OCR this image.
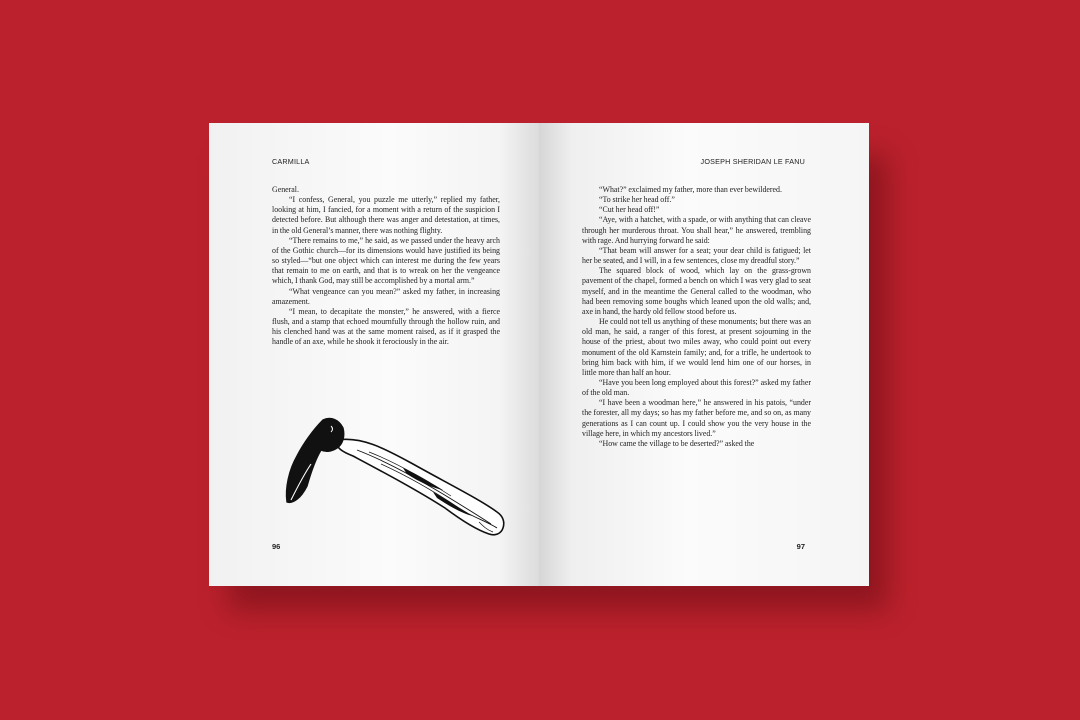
CARMILLA

General.

“I confess, General, you puzzle me utterly,” replied my father, looking at him, I fancied, for a moment with a return of the suspicion I detected before. But although there was anger and detestation, at times, in the old General’s manner, there was nothing flighty.

“There remains to me,” he said, as we passed under the heavy arch of the Gothic church—for its dimensions would have justified its being so styled—“but one object which can interest me during the few years that remain to me on earth, and that is to wreak on her the vengeance which, I thank God, may still be accomplished by a mortal arm.”

“What vengeance can you mean?” asked my father, in increasing amazement.

“I mean, to decapitate the monster,” he answered, with a fierce flush, and a stamp that echoed mournfully through the hollow ruin, and his clenched hand was at the same moment raised, as if it grasped the handle of an axe, while he shook it ferociously in the air.

96
JOSEPH SHERIDAN LE FANU

“What?” exclaimed my father, more than ever bewildered.

“To strike her head off.”

“Cut her head off!”

“Aye, with a hatchet, with a spade, or with anything that can cleave through her murderous throat. You shall hear,” he answered, trembling with rage. And hurrying forward he said:

“That beam will answer for a seat; your dear child is fatigued; let her be seated, and I will, in a few sentences, close my dreadful story.”

The squared block of wood, which lay on the grass-grown pavement of the chapel, formed a bench on which I was very glad to seat myself, and in the meantime the General called to the woodman, who had been removing some boughs which leaned upon the old walls; and, axe in hand, the hardy old fellow stood before us.

He could not tell us anything of these monuments; but there was an old man, he said, a ranger of this forest, at present sojourning in the house of the priest, about two miles away, who could point out every monument of the old Karnstein family; and, for a trifle, he undertook to bring him back with him, if we would lend him one of our horses, in little more than half an hour.

“Have you been long employed about this forest?” asked my father of the old man.

“I have been a woodman here,” he answered in his patois, “under the forester, all my days; so has my father before me, and so on, as many generations as I can count up. I could show you the very house in the village here, in which my ancestors lived.”

“How came the village to be deserted?” asked the

97
